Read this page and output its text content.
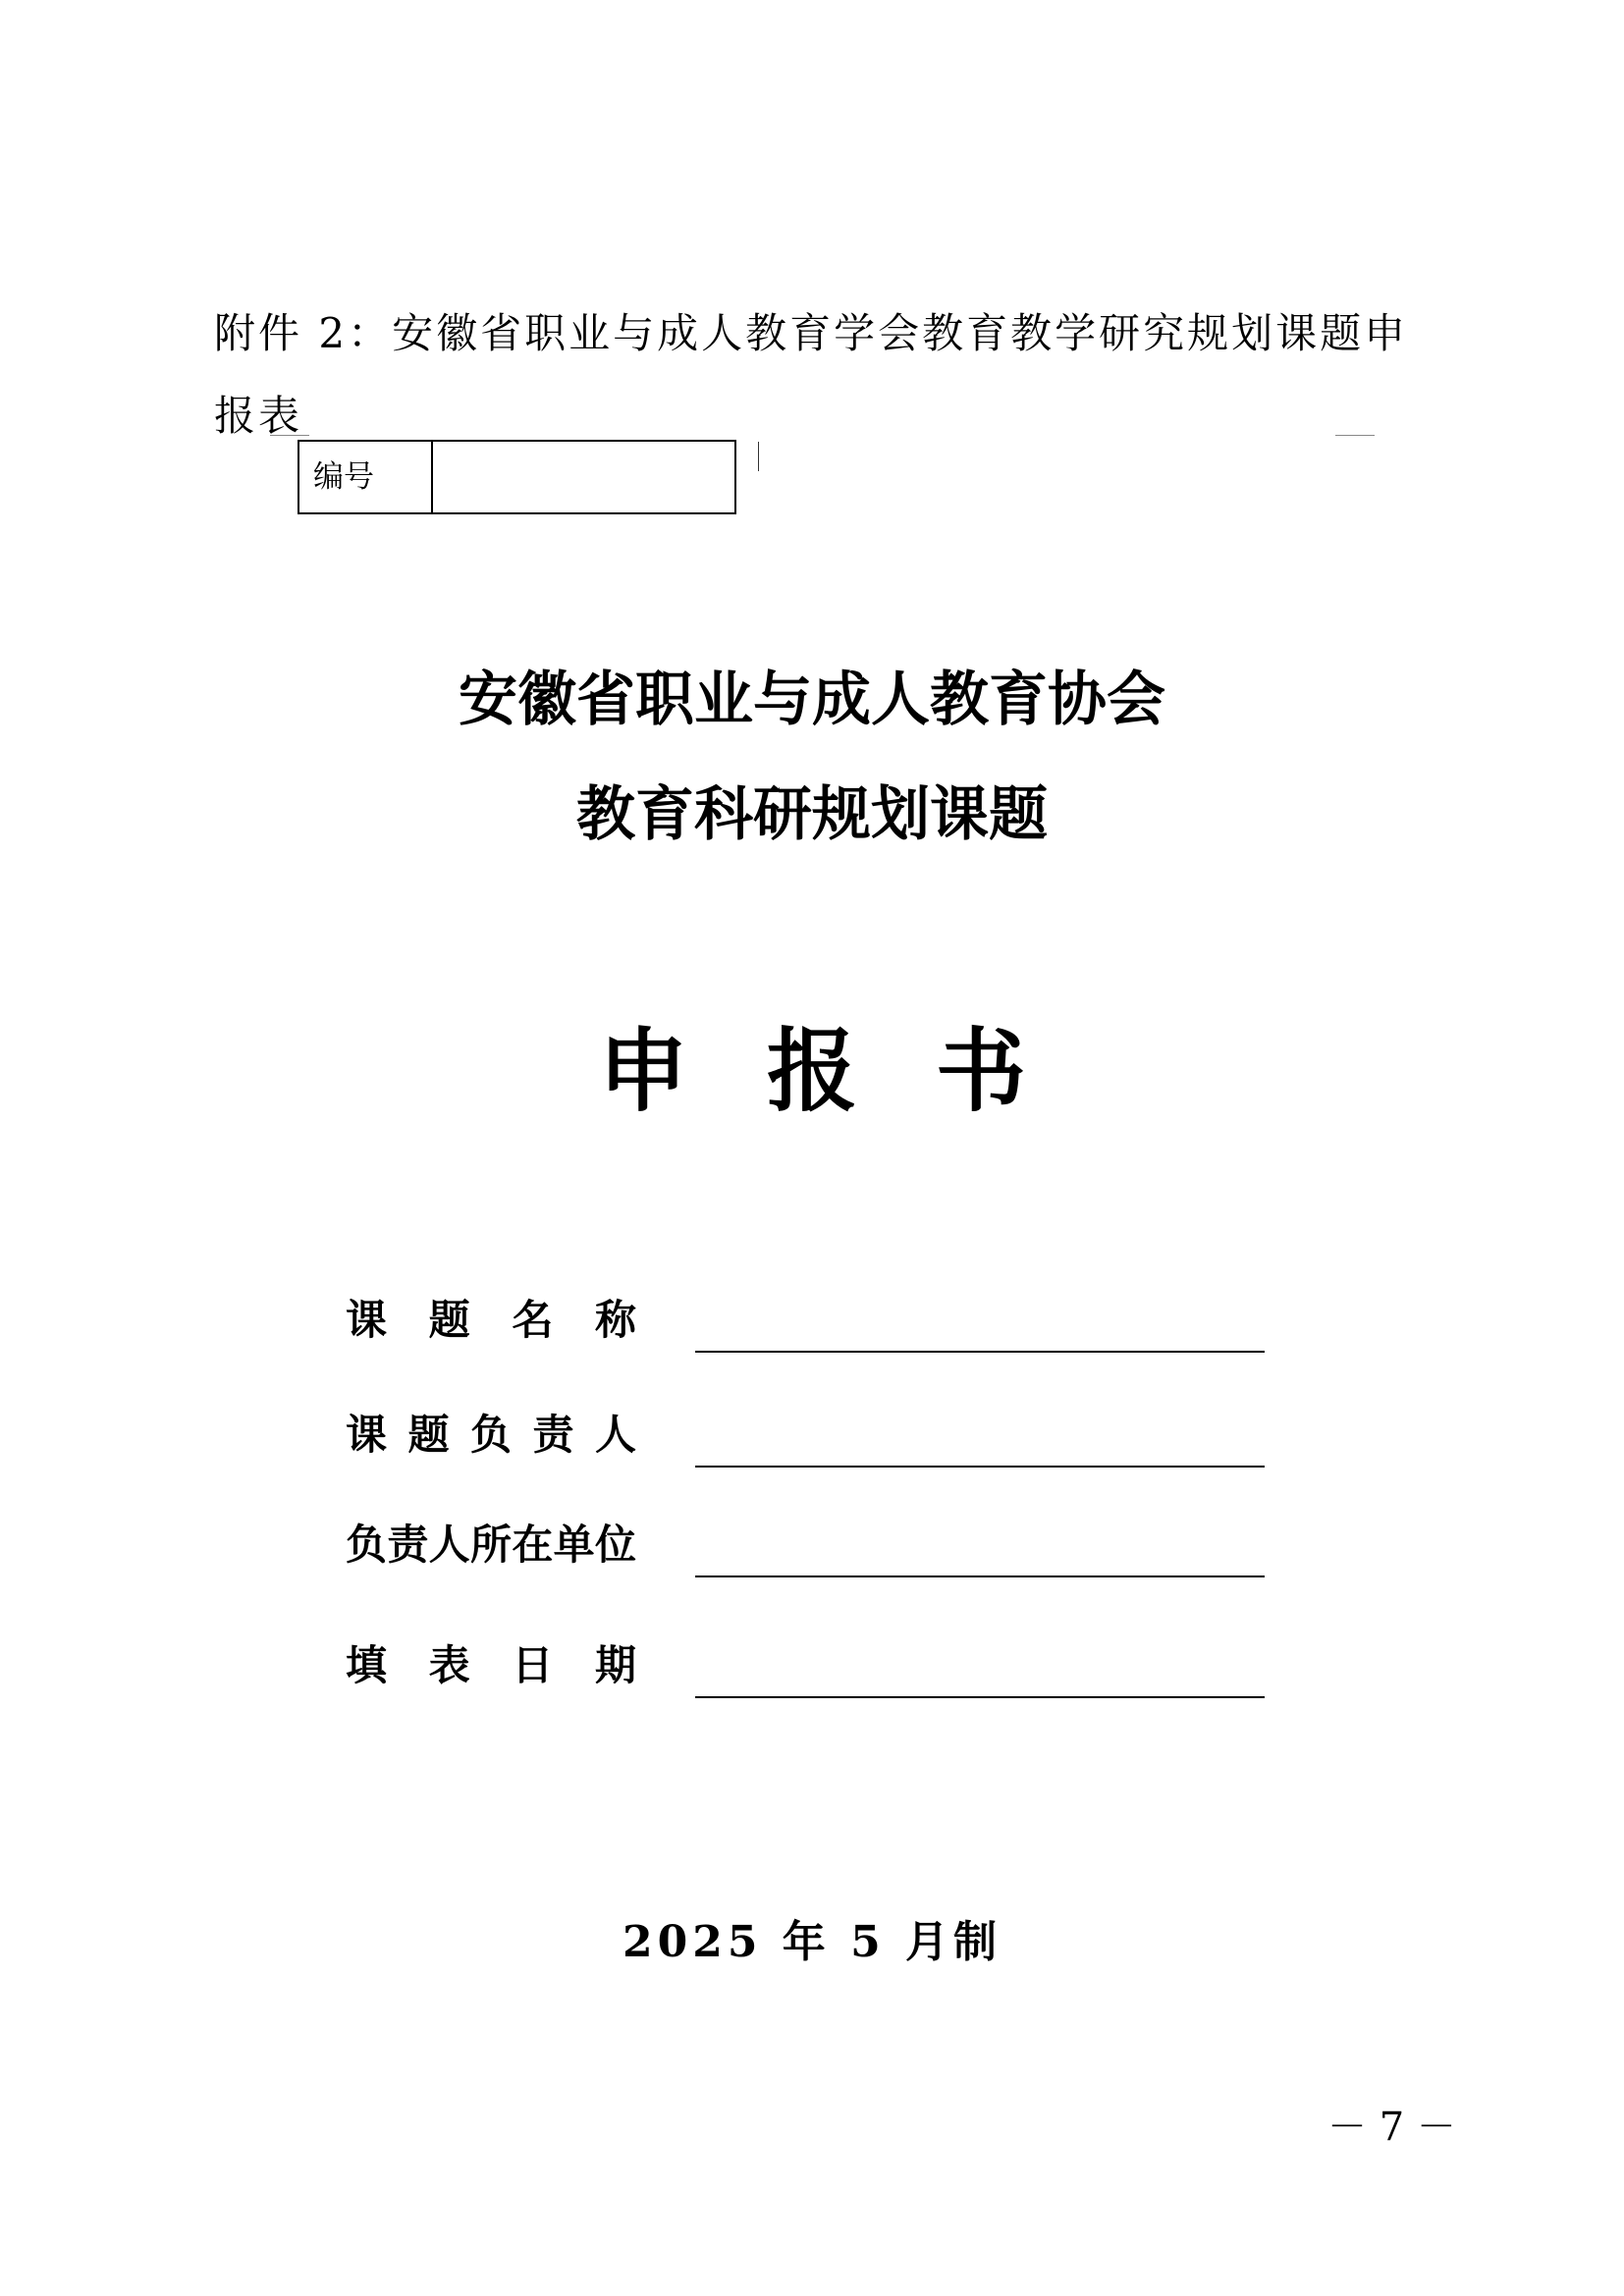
附件 2：安徽省职业与成人教育学会教育教学研究规划课题申报表

编号
安徽省职业与成人教育协会
教育科研规划课题
申报书
课题名称
课题负责人
负责人所在单位
填表日期

2025 年 5 月制

－ 7 －
